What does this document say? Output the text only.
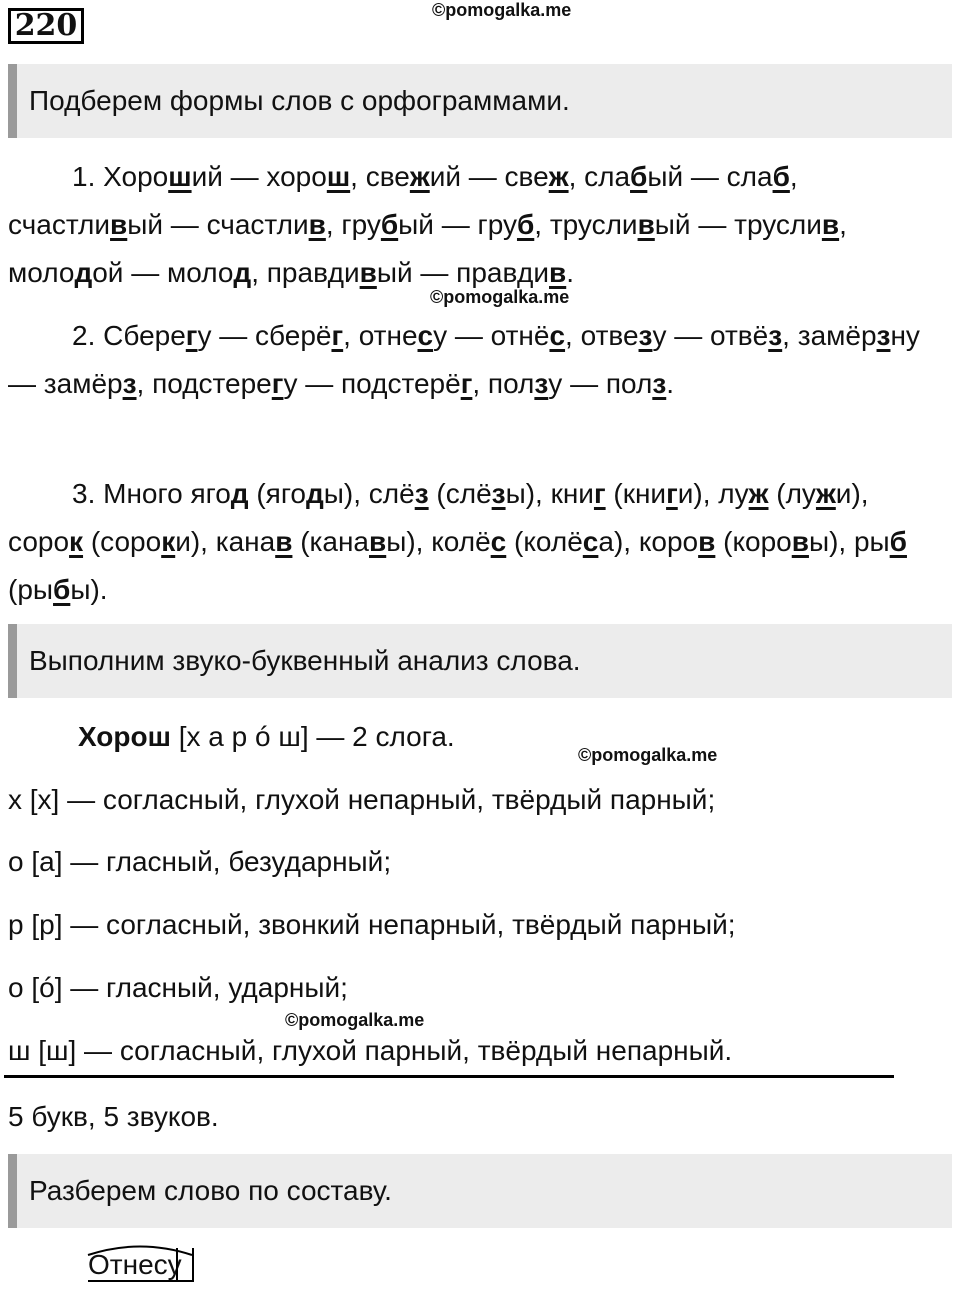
220	©pomogalka.me
Подберем формы слов с орфограммами.

1. Хороший — хорош, свежий — свеж, слабый — слаб, счастливый — счастлив, грубый — груб, трусливый — труслив, молодой — молод, правдивый — правдив.

©pomogalka.me

2. Сберегу — сберёг, отнесу — отнёс, отвезу — отвёз, замёрзну — замёрз, подстерегу — подстерёг, ползу — полз.

3. Много ягод (ягоды), слёз (слёзы), книг (книги), луж (лужи), сорок (сороки), канав (канавы), колёс (колёса), коров (коровы), рыб (рыбы).

Выполним звуко-буквенный анализ слова.
Хорош [х а р ó ш] — 2 слога.
©pomogalka.me
х [х] — согласный, глухой непарный, твёрдый парный;
о [а] — гласный, безударный;
р [р] — согласный, звонкий непарный, твёрдый парный;
о [ó] — гласный, ударный;
©pomogalka.me
ш [ш] — согласный, глухой парный, твёрдый непарный.
5 букв, 5 звуков.
Разберем слово по составу.
Отнесу
